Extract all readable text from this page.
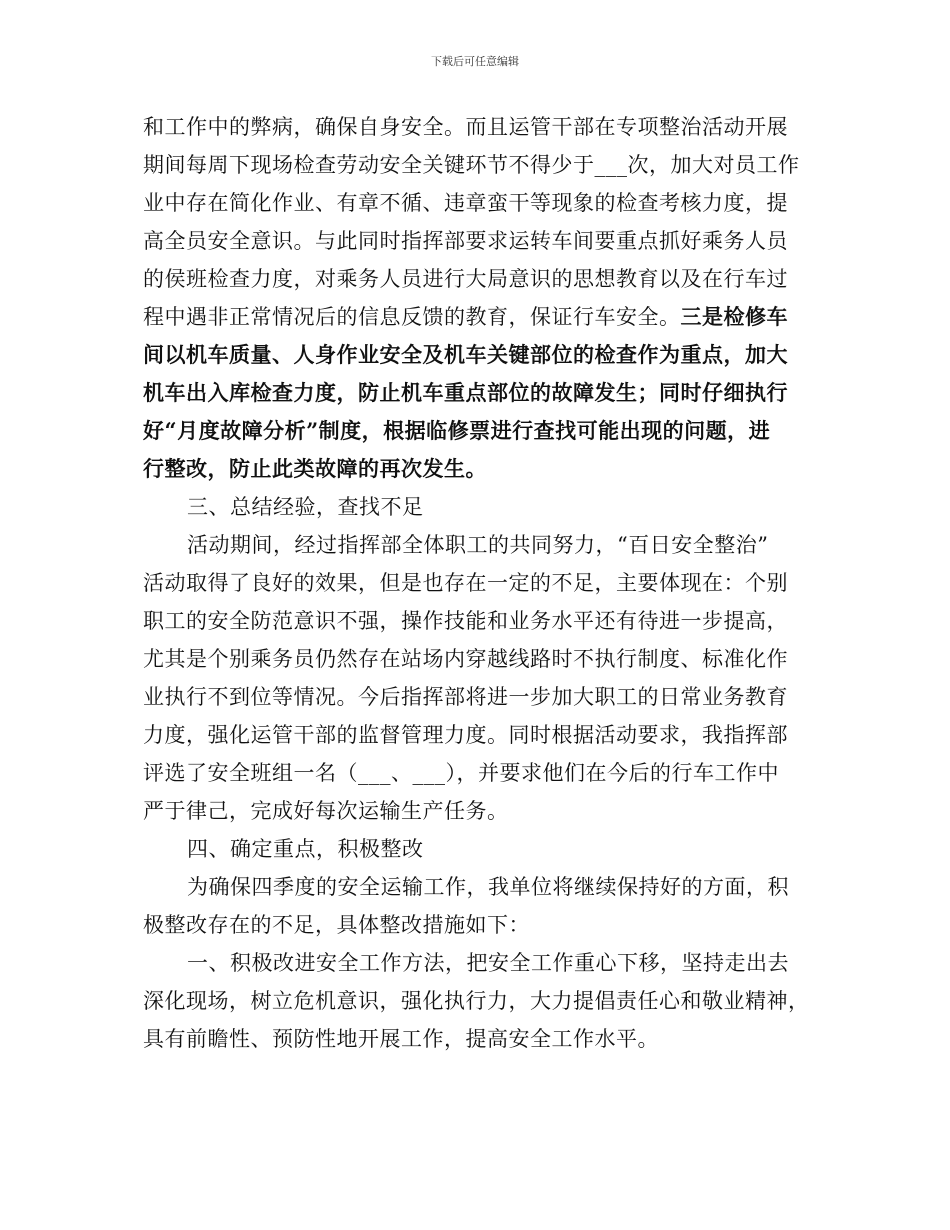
下载后可任意编辑
和工作中的弊病，确保自身安全。而且运管干部在专项整治活动开展
期间每周下现场检查劳动安全关键环节不得少于___次，加大对员工作
业中存在简化作业、有章不循、违章蛮干等现象的检查考核力度，提
高全员安全意识。与此同时指挥部要求运转车间要重点抓好乘务人员
的侯班检查力度，对乘务人员进行大局意识的思想教育以及在行车过
程中遇非正常情况后的信息反馈的教育，保证行车安全。三是检修车
间以机车质量、人身作业安全及机车关键部位的检查作为重点，加大
机车出入库检查力度，防止机车重点部位的故障发生；同时仔细执行
好“月度故障分析”制度，根据临修票进行查找可能出现的问题，进
行整改，防止此类故障的再次发生。
三、总结经验，查找不足
活动期间，经过指挥部全体职工的共同努力，“百日安全整治”
活动取得了良好的效果，但是也存在一定的不足，主要体现在：个别
职工的安全防范意识不强，操作技能和业务水平还有待进一步提高，
尤其是个别乘务员仍然存在站场内穿越线路时不执行制度、标准化作
业执行不到位等情况。今后指挥部将进一步加大职工的日常业务教育
力度，强化运管干部的监督管理力度。同时根据活动要求，我指挥部
评选了安全班组一名（___、___），并要求他们在今后的行车工作中
严于律己，完成好每次运输生产任务。
四、确定重点，积极整改
为确保四季度的安全运输工作，我单位将继续保持好的方面，积
极整改存在的不足，具体整改措施如下：
一、积极改进安全工作方法，把安全工作重心下移，坚持走出去
深化现场，树立危机意识，强化执行力，大力提倡责任心和敬业精神，
具有前瞻性、预防性地开展工作，提高安全工作水平。
